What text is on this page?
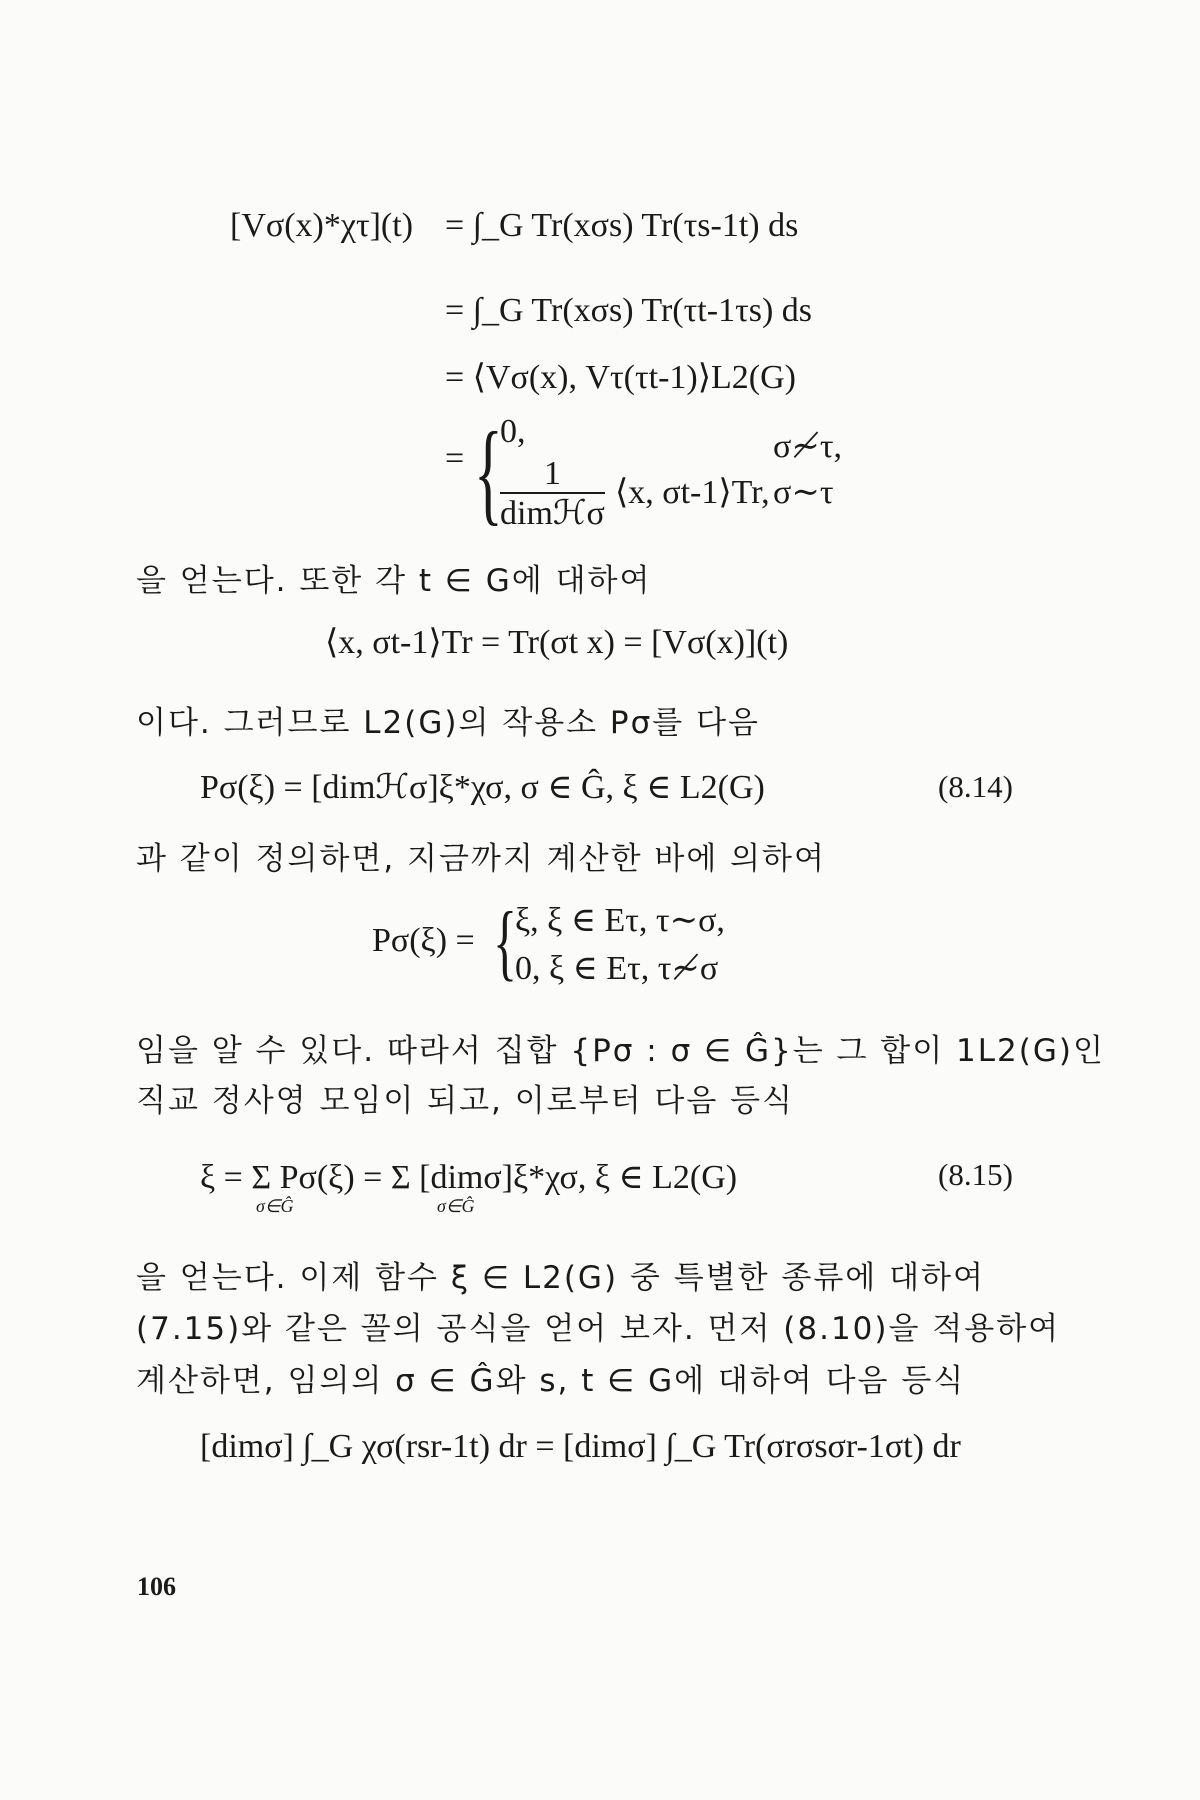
[Vσ(x)*χτ](t) = ∫_G Tr(xσs) Tr(τs-1t) ds
= ∫_G Tr(xσs) Tr(τt-1τs) ds
= ⟨Vσ(x), Vτ(τt-1)⟩L2(G)
= {
0,	σ≁τ,
$\frac{1}{\text{dimℋσ}}$ ⟨x, σt-1⟩Tr, σ∼τ
을 얻는다. 또한 각 t ∈ G에 대하여
⟨x, σt-1⟩Tr = Tr(σt x) = [Vσ(x)](t)
이다. 그러므로 L2(G)의 작용소 Pσ를 다음
Pσ(ξ) = [dimℋσ]ξ*χσ, σ ∈ Ĝ, ξ ∈ L2(G)	(8.14)
과 같이 정의하면, 지금까지 계산한 바에 의하여
Pσ(ξ) = {
ξ, ξ ∈ Eτ, τ∼σ,
0, ξ ∈ Eτ, τ≁σ
임을 알 수 있다. 따라서 집합 {Pσ : σ ∈ Ĝ}는 그 합이 1L2(G)인
직교 정사영 모임이 되고, 이로부터 다음 등식
ξ = Σ Pσ(ξ) = Σ [dimσ]ξ*χσ, ξ ∈ L2(G)
σ∈Ĝ	σ∈Ĝ
(8.15)
을 얻는다. 이제 함수 ξ ∈ L2(G) 중 특별한 종류에 대하여
(7.15)와 같은 꼴의 공식을 얻어 보자. 먼저 (8.10)을 적용하여
계산하면, 임의의 σ ∈ Ĝ와 s, t ∈ G에 대하여 다음 등식
[dimσ] ∫_G χσ(rsr-1t) dr = [dimσ] ∫_G Tr(σrσsσr-1σt) dr
106
